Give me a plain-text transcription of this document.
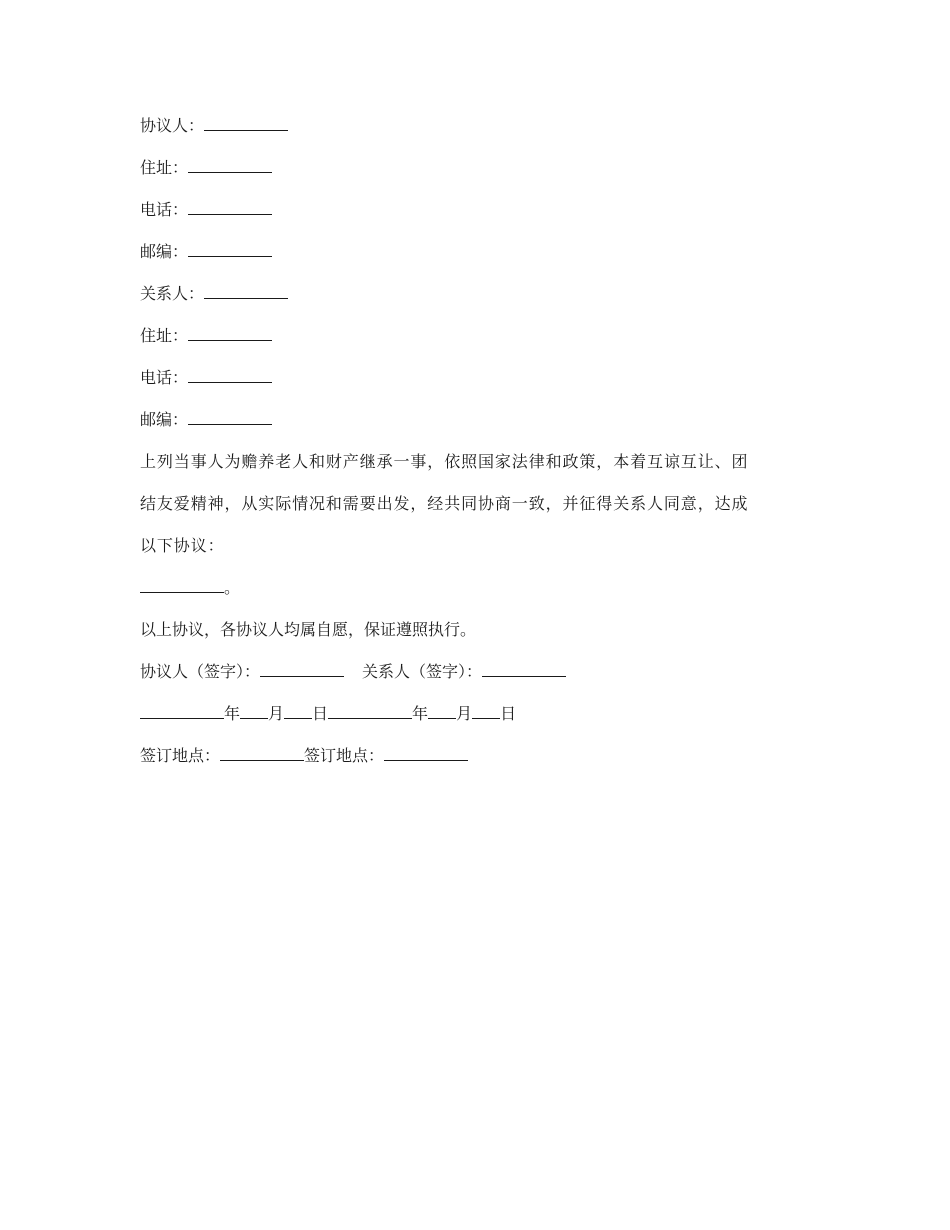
协议人：
住址：
电话：
邮编：
关系人：
住址：
电话：
邮编：
上列当事人为赡养老人和财产继承一事，依照国家法律和政策，本着互谅互让、团
结友爱精神，从实际情况和需要出发，经共同协商一致，并征得关系人同意，达成
以下协议：
。
以上协议，各协议人均属自愿，保证遵照执行。
协议人（签字）：	关系人（签字）：
年 月 日	年 月 日
签订地点：	签订地点：
